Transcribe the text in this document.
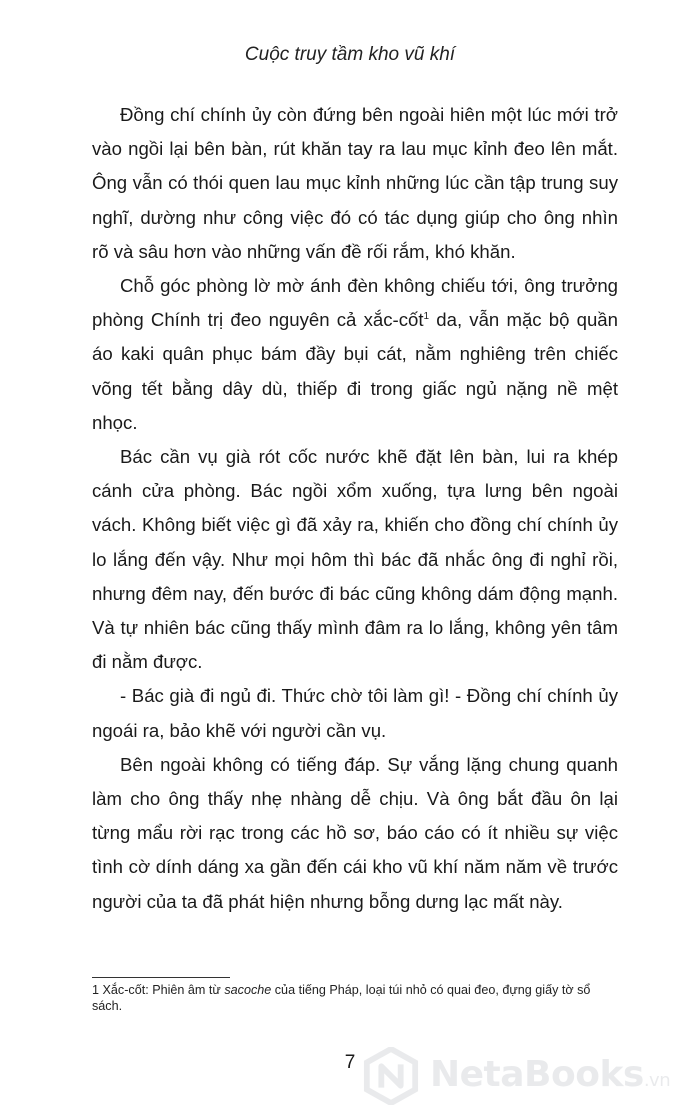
Cuộc truy tầm kho vũ khí

Đồng chí chính ủy còn đứng bên ngoài hiên một lúc mới trở vào ngồi lại bên bàn, rút khăn tay ra lau mục kỉnh đeo lên mắt. Ông vẫn có thói quen lau mục kỉnh những lúc cần tập trung suy nghĩ, dường như công việc đó có tác dụng giúp cho ông nhìn rõ và sâu hơn vào những vấn đề rối rắm, khó khăn.

Chỗ góc phòng lờ mờ ánh đèn không chiếu tới, ông trưởng phòng Chính trị đeo nguyên cả xắc-cốt$^1$ da, vẫn mặc bộ quần áo kaki quân phục bám đầy bụi cát, nằm nghiêng trên chiếc võng tết bằng dây dù, thiếp đi trong giấc ngủ nặng nề mệt nhọc.

Bác cần vụ già rót cốc nước khẽ đặt lên bàn, lui ra khép cánh cửa phòng. Bác ngồi xổm xuống, tựa lưng bên ngoài vách. Không biết việc gì đã xảy ra, khiến cho đồng chí chính ủy lo lắng đến vậy. Như mọi hôm thì bác đã nhắc ông đi nghỉ rồi, nhưng đêm nay, đến bước đi bác cũng không dám động mạnh. Và tự nhiên bác cũng thấy mình đâm ra lo lắng, không yên tâm đi nằm được.

- Bác già đi ngủ đi. Thức chờ tôi làm gì! - Đồng chí chính ủy ngoái ra, bảo khẽ với người cần vụ.

Bên ngoài không có tiếng đáp. Sự vắng lặng chung quanh làm cho ông thấy nhẹ nhàng dễ chịu. Và ông bắt đầu ôn lại từng mẩu rời rạc trong các hồ sơ, báo cáo có ít nhiều sự việc tình cờ dính dáng xa gần đến cái kho vũ khí năm năm về trước người của ta đã phát hiện nhưng bỗng dưng lạc mất này.

1 Xắc-cốt: Phiên âm từ sacoche của tiếng Pháp, loại túi nhỏ có quai đeo, đựng giấy tờ sổ sách.
7	NetaBooks.vn
